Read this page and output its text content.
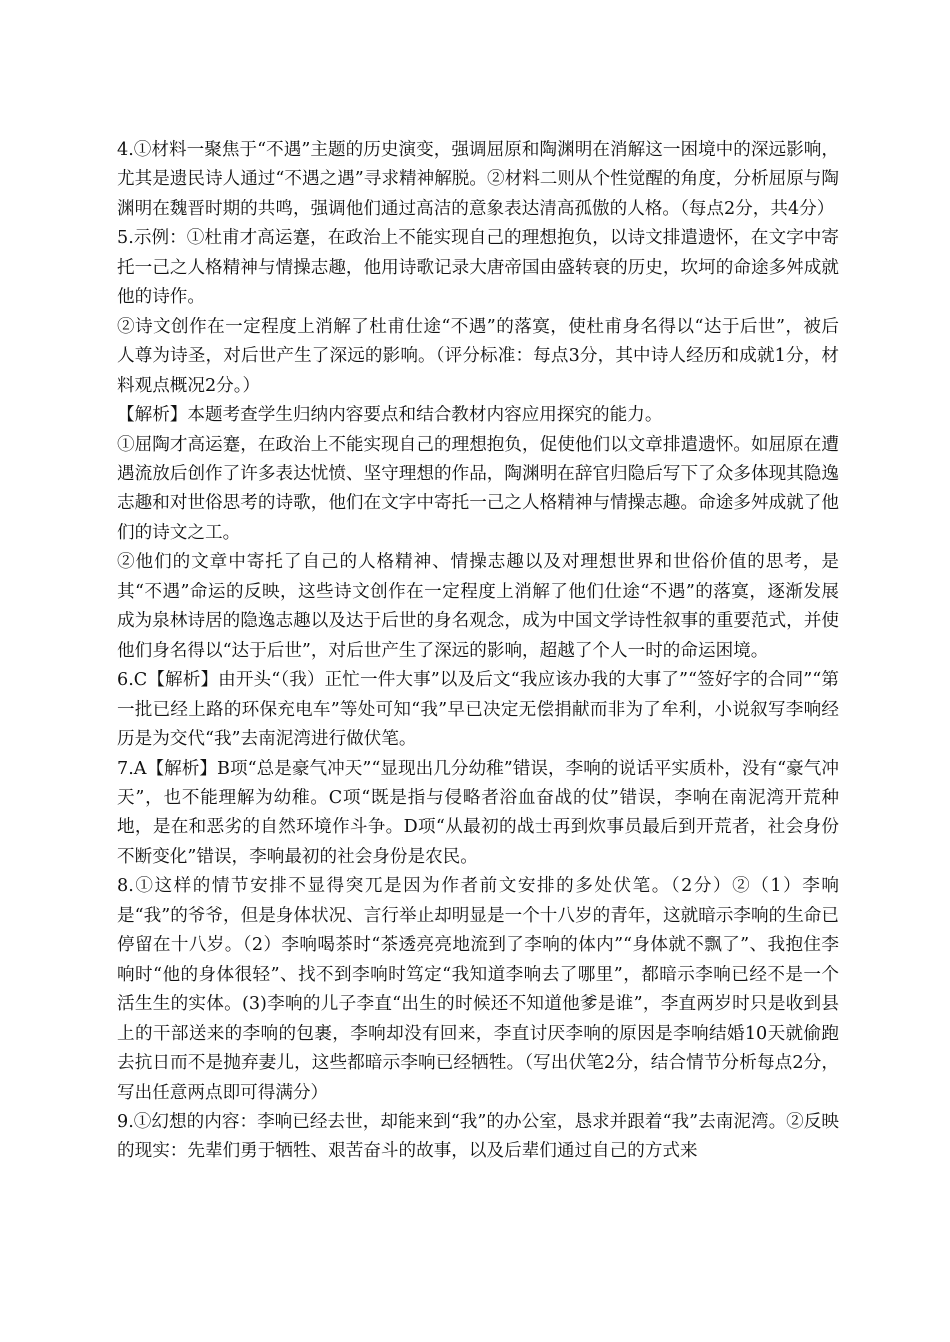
4.①材料一聚焦于“不遇”主题的历史演变，强调屈原和陶渊明在消解这一困境中的深远影响，尤其是遗民诗人通过“不遇之遇”寻求精神解脱。②材料二则从个性觉醒的角度，分析屈原与陶渊明在魏晋时期的共鸣，强调他们通过高洁的意象表达清高孤傲的人格。（每点2分，共4分）

5.示例：①杜甫才高运蹇，在政治上不能实现自己的理想抱负，以诗文排遣遗怀，在文字中寄托一己之人格精神与情操志趣，他用诗歌记录大唐帝国由盛转衰的历史，坎坷的命途多舛成就他的诗作。

②诗文创作在一定程度上消解了杜甫仕途“不遇”的落寞，使杜甫身名得以“达于后世”，被后人尊为诗圣，对后世产生了深远的影响。（评分标准：每点3分，其中诗人经历和成就1分，材料观点概况2分。）

【解析】本题考查学生归纳内容要点和结合教材内容应用探究的能力。

①屈陶才高运蹇，在政治上不能实现自己的理想抱负，促使他们以文章排遣遗怀。如屈原在遭遇流放后创作了许多表达忧愤、坚守理想的作品，陶渊明在辞官归隐后写下了众多体现其隐逸志趣和对世俗思考的诗歌，他们在文字中寄托一己之人格精神与情操志趣。命途多舛成就了他们的诗文之工。

②他们的文章中寄托了自己的人格精神、情操志趣以及对理想世界和世俗价值的思考，是其“不遇”命运的反映，这些诗文创作在一定程度上消解了他们仕途“不遇”的落寞，逐渐发展成为泉林诗居的隐逸志趣以及达于后世的身名观念，成为中国文学诗性叙事的重要范式，并使他们身名得以“达于后世”，对后世产生了深远的影响，超越了个人一时的命运困境。

6.C【解析】由开头“（我）正忙一件大事”以及后文“我应该办我的大事了”“签好字的合同”“第一批已经上路的环保充电车”等处可知“我”早已决定无偿捐献而非为了牟利，小说叙写李响经历是为交代“我”去南泥湾进行做伏笔。

7.A【解析】B项“总是豪气冲天”“显现出几分幼稚”错误，李响的说话平实质朴，没有“豪气冲天”，也不能理解为幼稚。C项“既是指与侵略者浴血奋战的仗”错误，李响在南泥湾开荒种地，是在和恶劣的自然环境作斗争。D项“从最初的战士再到炊事员最后到开荒者，社会身份不断变化”错误，李响最初的社会身份是农民。

8.①这样的情节安排不显得突兀是因为作者前文安排的多处伏笔。（2分）②（1）李响是“我”的爷爷，但是身体状况、言行举止却明显是一个十八岁的青年，这就暗示李响的生命已停留在十八岁。（2）李响喝茶时“茶透亮亮地流到了李响的体内”“身体就不飘了”、我抱住李响时“他的身体很轻”、找不到李响时笃定“我知道李响去了哪里”，都暗示李响已经不是一个活生生的实体。(3)李响的儿子李直“出生的时候还不知道他爹是谁”，李直两岁时只是收到县上的干部送来的李响的包裹，李响却没有回来，李直讨厌李响的原因是李响结婚10天就偷跑去抗日而不是抛弃妻儿，这些都暗示李响已经牺牲。（写出伏笔2分，结合情节分析每点2分，写出任意两点即可得满分）

9.①幻想的内容：李响已经去世，却能来到“我”的办公室，恳求并跟着“我”去南泥湾。②反映的现实：先辈们勇于牺牲、艰苦奋斗的故事，以及后辈们通过自己的方式来
